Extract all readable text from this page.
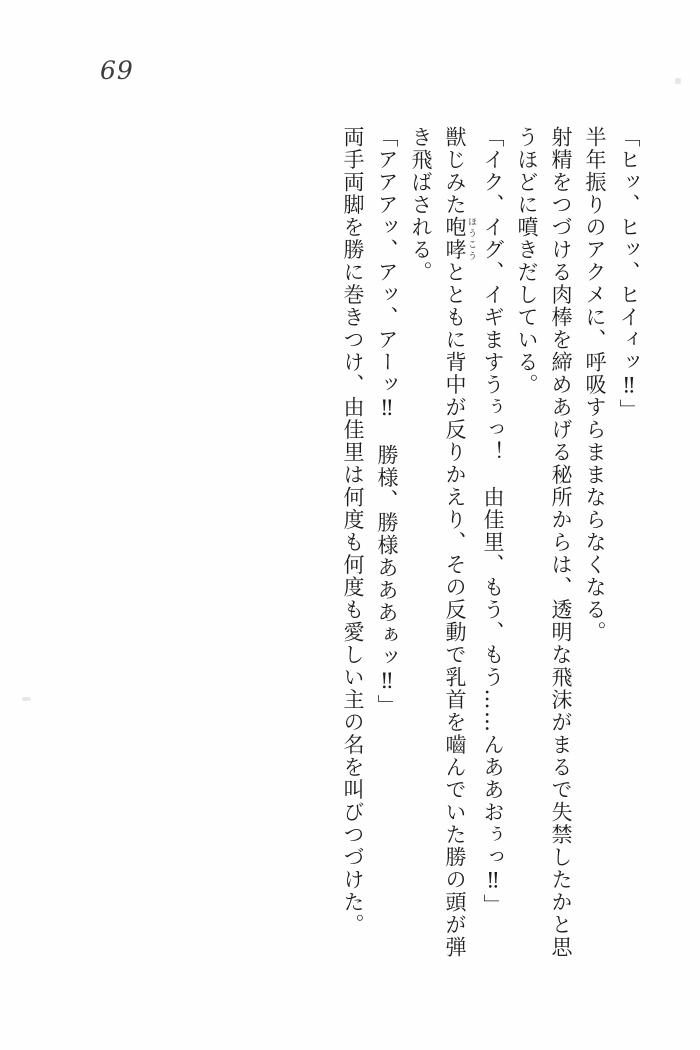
69

「ヒッ、ヒッ、ヒイィッ‼」

半年振りのアクメに、呼吸すらままならなくなる。

射精をつづける肉棒を締めあげる秘所からは、透明な飛沫がまるで失禁したかと思うほどに噴きだしている。

「イク、イグ、イギますうぅっ！　由佳里、もう、もう……んああおぅっ‼」

獣じみた咆哮 ほうこうとともに背中が反りかえり、その反動で乳首を嚙んでいた勝の頭が弾き飛ばされる。

「アアアッ、アッ、アーッ‼　勝様、勝様あああぁッ‼」

両手両脚を勝に巻きつけ、由佳里は何度も何度も愛しい主の名を叫びつづけた。
